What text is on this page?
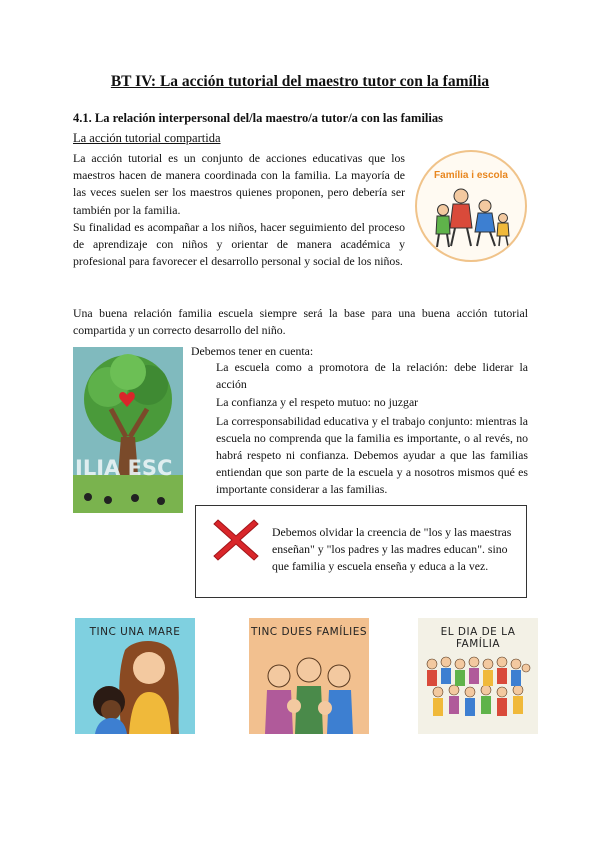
BT IV: La acción tutorial del maestro tutor con la família
4.1. La relación interpersonal del/la maestro/a tutor/a con las familias
La acción tutorial compartida

La acción tutorial es un conjunto de acciones educativas que los maestros hacen de manera coordinada con la familia. La mayoría de las veces suelen ser los maestros quienes proponen, pero debería ser también por la familia.

Su finalidad es acompañar a los niños, hacer seguimiento del proceso de aprendizaje con niños y orientar de manera académica y profesional para favorecer el desarrollo personal y social de los niños.

Família i escola

Una buena relación familia escuela siempre será la base para una buena acción tutorial compartida y un correcto desarrollo del niño.

ILIA ESC

Debemos tener en cuenta:

La escuela como a promotora de la relación: debe liderar la acción

La confianza y el respeto mutuo: no juzgar

La corresponsabilidad educativa y el trabajo conjunto: mientras la escuela no comprenda que la familia es importante, o al revés, no habrá respeto ni confianza. Debemos ayudar a que las familias entiendan que son parte de la escuela y a nosotros mismos qué es importante considerar a las familias.

Debemos olvidar la creencia de "los y las maestras enseñan" y "los padres y las madres educan". sino que familia y escuela enseña y educa a la vez.
TINC UNA MARE	TINC DUES FAMÍLIES	EL DIA DE LA FAMÍLIA
